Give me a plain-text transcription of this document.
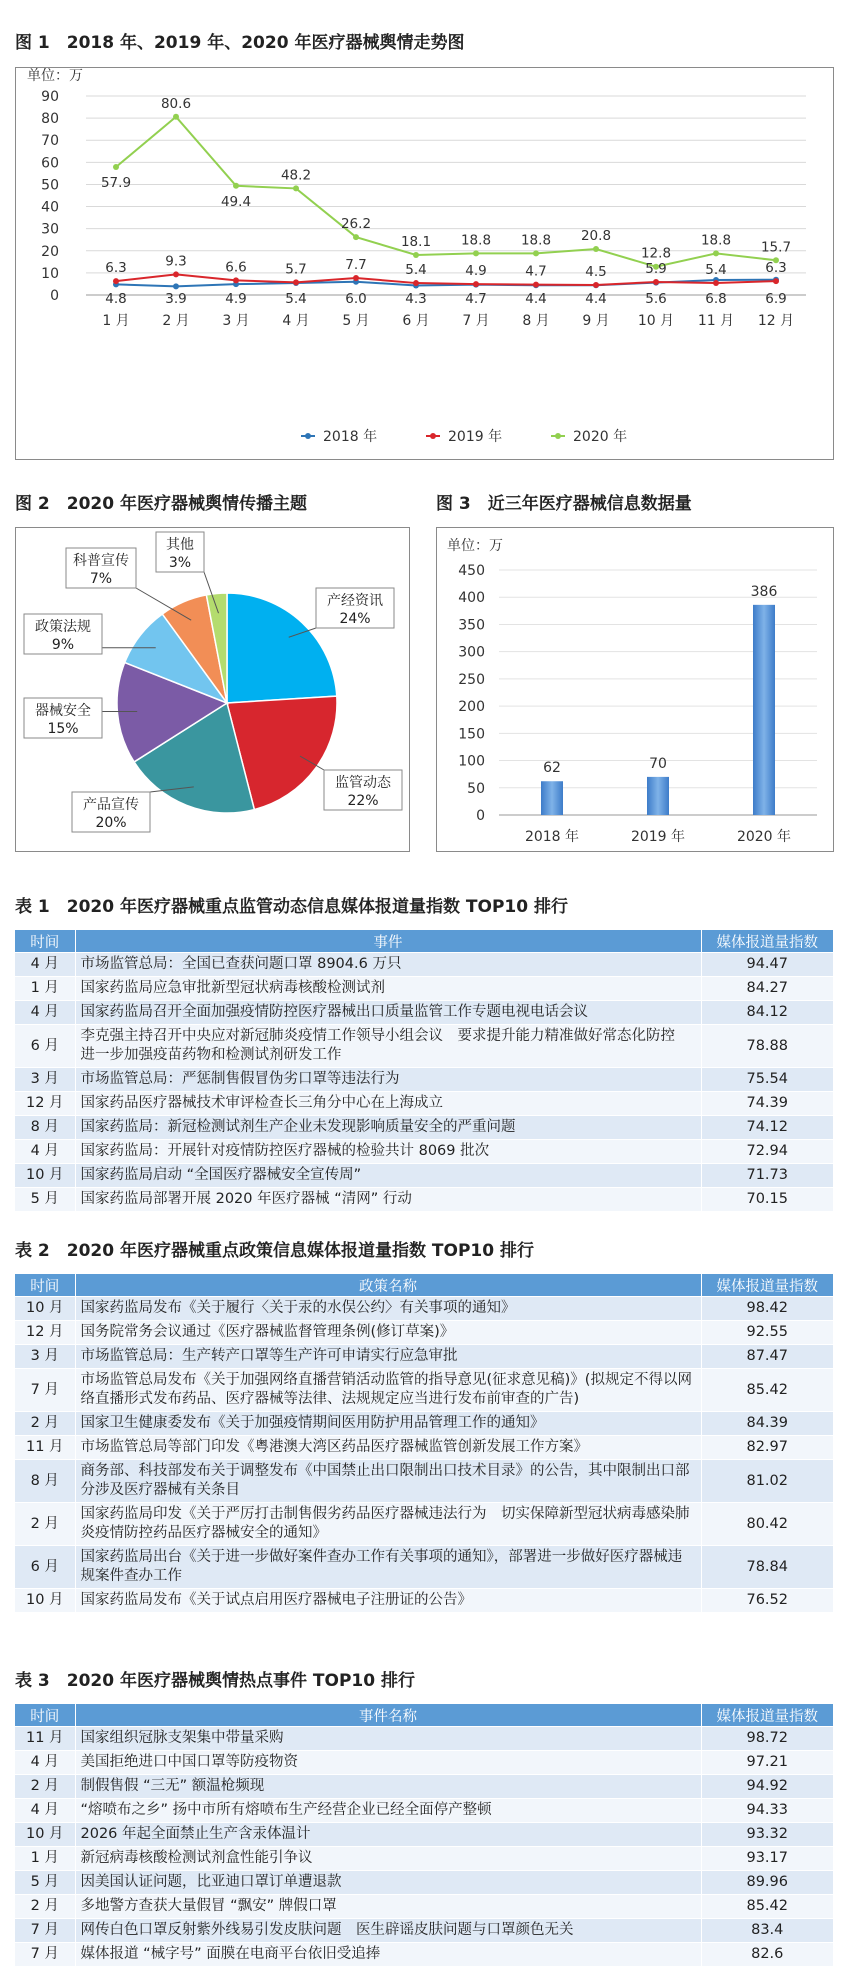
图 1　2018 年、2019 年、2020 年医疗器械舆情走势图
单位：万
0
10
20
30
40
50
60
70
80
90
1 月 2 月 3 月 4 月 5 月 6 月 7 月 8 月 9 月 10 月 11 月 12 月
4.8	3.9	4.9	5.4	6.0	4.3	4.7	4.4	4.4	5.6	6.8	6.9
6.3	9.3	6.6	5.7	7.7	5.4	4.9	4.7	4.5	5.9	5.4	6.3
57.9
80.6
49.4
48.2
26.2
18.1 18.8 18.8 20.8
12.8
18.8 15.7
2018 年	2019 年	2020 年
图 2　2020 年医疗器械舆情传播主题
产经资讯
24%
监管动态
22%
产品宣传
20%
器械安全
15%
政策法规
9%
科普宣传
7%
其他
3%
图 3　近三年医疗器械信息数据量
单位：万
0
50
100
150
200
250
300
350
400
450
62
2018 年
70
2019 年
386
2020 年
表 1　2020 年医疗器械重点监管动态信息媒体报道量指数 TOP10 排行
时间	事件	媒体报道量指数
4 月	市场监管总局：全国已查获问题口罩 8904.6 万只	94.47
1 月	国家药监局应急审批新型冠状病毒核酸检测试剂	84.27
4 月	国家药监局召开全面加强疫情防控医疗器械出口质量监管工作专题电视电话会议	84.12
6 月	李克强主持召开中央应对新冠肺炎疫情工作领导小组会议　要求提升能力精准做好常态化防控　进一步加强疫苗药物和检测试剂研发工作	78.88
3 月	市场监管总局：严惩制售假冒伪劣口罩等违法行为	75.54
12 月	国家药品医疗器械技术审评检查长三角分中心在上海成立	74.39
8 月	国家药监局：新冠检测试剂生产企业未发现影响质量安全的严重问题	74.12
4 月	国家药监局：开展针对疫情防控医疗器械的检验共计 8069 批次	72.94
10 月	国家药监局启动 “全国医疗器械安全宣传周”	71.73
5 月	国家药监局部署开展 2020 年医疗器械 “清网” 行动	70.15
表 2　2020 年医疗器械重点政策信息媒体报道量指数 TOP10 排行
时间	政策名称	媒体报道量指数
10 月	国家药监局发布《关于履行〈关于汞的水俣公约〉有关事项的通知》	98.42
12 月	国务院常务会议通过《医疗器械监督管理条例(修订草案)》	92.55
3 月	市场监管总局：生产转产口罩等生产许可申请实行应急审批	87.47
7 月	市场监管总局发布《关于加强网络直播营销活动监管的指导意见(征求意见稿)》(拟规定不得以网络直播形式发布药品、医疗器械等法律、法规规定应当进行发布前审查的广告)	85.42
2 月	国家卫生健康委发布《关于加强疫情期间医用防护用品管理工作的通知》	84.39
11 月	市场监管总局等部门印发《粤港澳大湾区药品医疗器械监管创新发展工作方案》	82.97
8 月	商务部、科技部发布关于调整发布《中国禁止出口限制出口技术目录》的公告，其中限制出口部分涉及医疗器械有关条目	81.02
2 月	国家药监局印发《关于严厉打击制售假劣药品医疗器械违法行为　切实保障新型冠状病毒感染肺炎疫情防控药品医疗器械安全的通知》	80.42
6 月	国家药监局出台《关于进一步做好案件查办工作有关事项的通知》，部署进一步做好医疗器械违规案件查办工作	78.84
10 月	国家药监局发布《关于试点启用医疗器械电子注册证的公告》	76.52
表 3　2020 年医疗器械舆情热点事件 TOP10 排行
时间	事件名称	媒体报道量指数
11 月	国家组织冠脉支架集中带量采购	98.72
4 月	美国拒绝进口中国口罩等防疫物资	97.21
2 月	制假售假 “三无” 额温枪频现	94.92
4 月	“熔喷布之乡” 扬中市所有熔喷布生产经营企业已经全面停产整顿	94.33
10 月	2026 年起全面禁止生产含汞体温计	93.32
1 月	新冠病毒核酸检测试剂盒性能引争议	93.17
5 月	因美国认证问题，比亚迪口罩订单遭退款	89.96
2 月	多地警方查获大量假冒 “飘安” 牌假口罩	85.42
7 月	网传白色口罩反射紫外线易引发皮肤问题　医生辟谣皮肤问题与口罩颜色无关	83.4
7 月	媒体报道 “械字号” 面膜在电商平台依旧受追捧	82.6
